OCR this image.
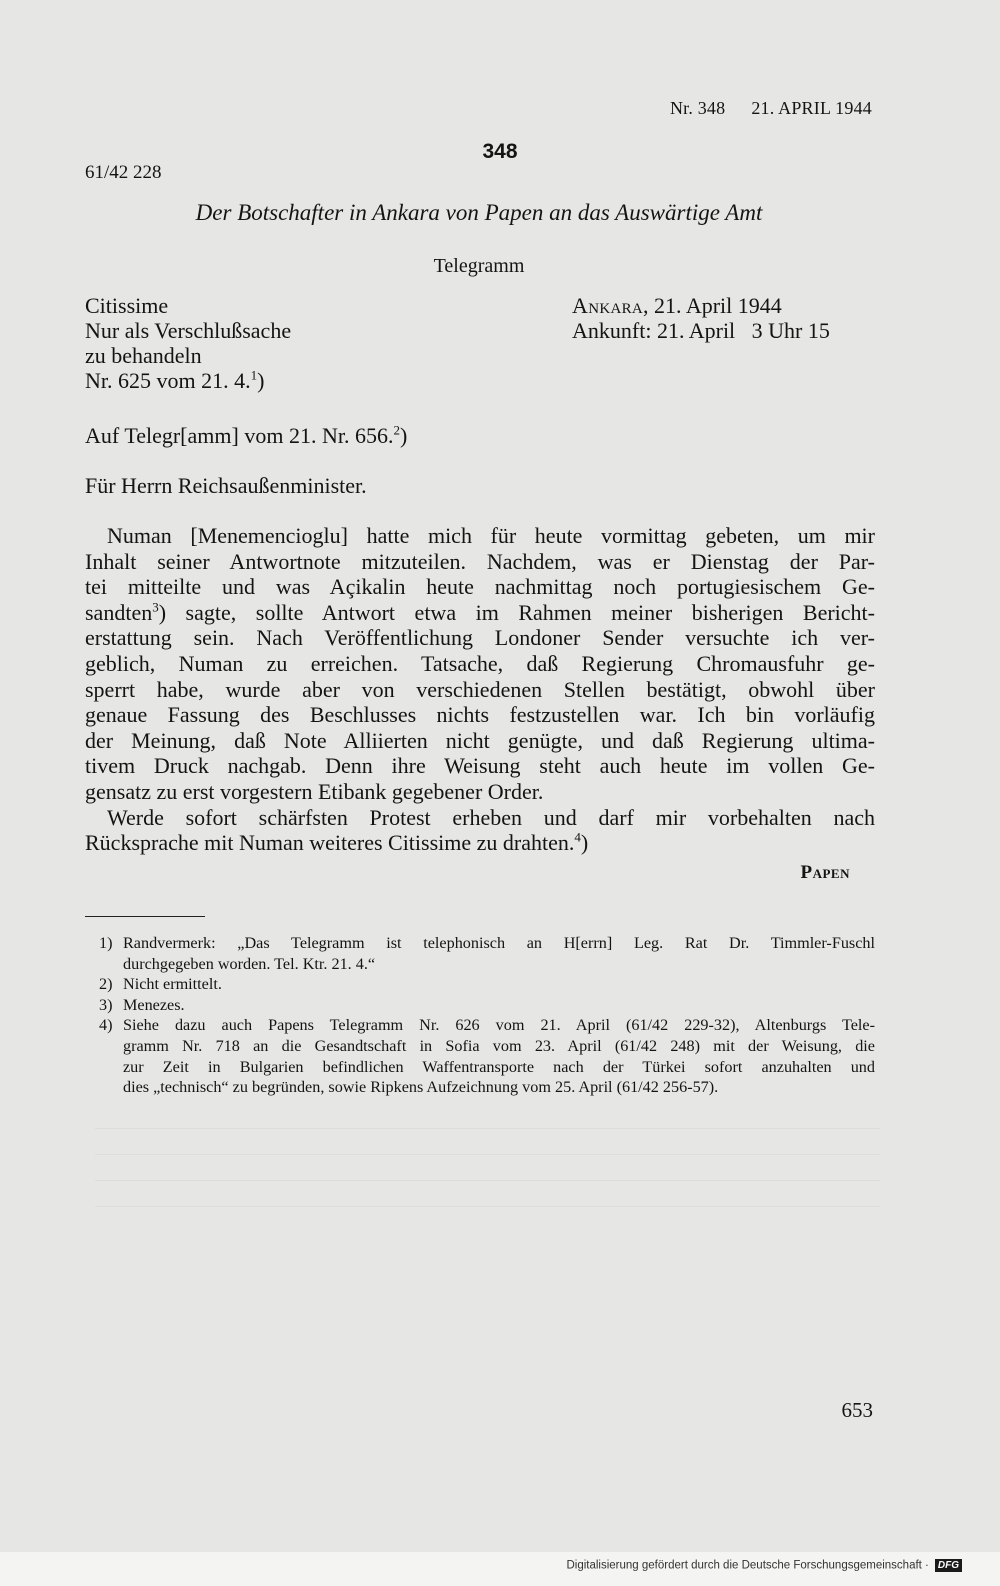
Nr. 348 21. APRIL 1944
348
61/42 228
Der Botschafter in Ankara von Papen an das Auswärtige Amt
Telegramm
Citissime
Nur als Verschlußsache
zu behandeln
Nr. 625 vom 21. 4.$^1$)
Ankara, 21. April 1944
Ankunft: 21. April   3 Uhr 15
Auf Telegr[amm] vom 21. Nr. 656.$^2$)
Für Herrn Reichsaußenminister.
Numan [Menemencioglu] hatte mich für heute vormittag gebeten, um mir
Inhalt seiner Antwortnote mitzuteilen. Nachdem, was er Dienstag der Par-
tei mitteilte und was Açikalin heute nachmittag noch portugiesischem Ge-
sandten$^3$) sagte, sollte Antwort etwa im Rahmen meiner bisherigen Bericht-
erstattung sein. Nach Veröffentlichung Londoner Sender versuchte ich ver-
geblich, Numan zu erreichen. Tatsache, daß Regierung Chromausfuhr ge-
sperrt habe, wurde aber von verschiedenen Stellen bestätigt, obwohl über
genaue Fassung des Beschlusses nichts festzustellen war. Ich bin vorläufig
der Meinung, daß Note Alliierten nicht genügte, und daß Regierung ultima-
tivem Druck nachgab. Denn ihre Weisung steht auch heute im vollen Ge-
gensatz zu erst vorgestern Etibank gegebener Order.
Werde sofort schärfsten Protest erheben und darf mir vorbehalten nach
Rücksprache mit Numan weiteres Citissime zu drahten.$^4$)
Papen
1) Randvermerk: „Das Telegramm ist telephonisch an H[errn] Leg. Rat Dr. Timmler-Fuschl
durchgegeben worden. Tel. Ktr. 21. 4.“
2) Nicht ermittelt.
3) Menezes.
4) Siehe dazu auch Papens Telegramm Nr. 626 vom 21. April (61/42 229-32), Altenburgs Tele-
gramm Nr. 718 an die Gesandtschaft in Sofia vom 23. April (61/42 248) mit der Weisung, die
zur Zeit in Bulgarien befindlichen Waffentransporte nach der Türkei sofort anzuhalten und
dies „technisch“ zu begründen, sowie Ripkens Aufzeichnung vom 25. April (61/42 256-57).
653
Digitalisierung gefördert durch die Deutsche Forschungsgemeinschaft · DFG
